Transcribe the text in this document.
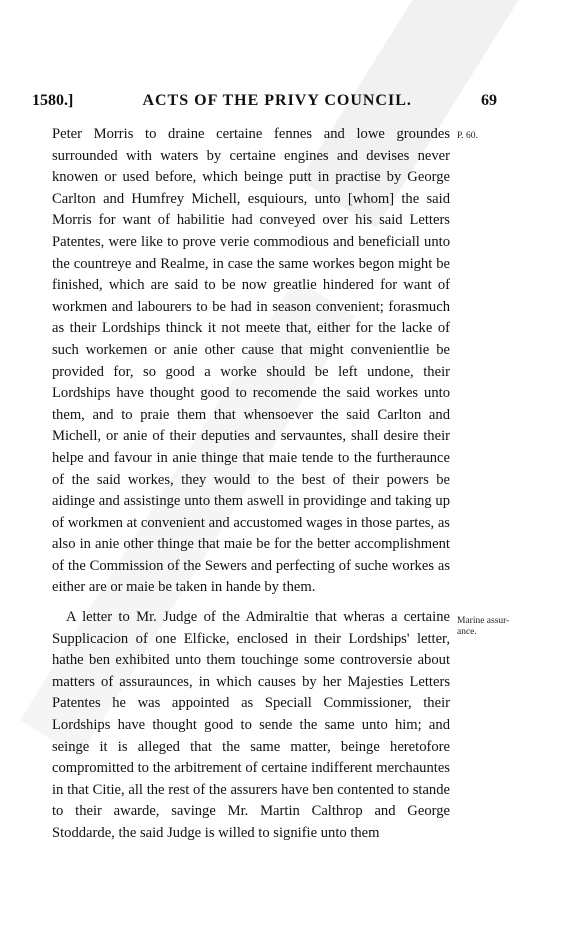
1580.]	ACTS OF THE PRIVY COUNCIL.	69

Peter Morris to draine certaine fennes and lowe groundes surrounded with waters by certaine engines and devises never knowen or used before, which beinge putt in practise by George Carlton and Humfrey Michell, esquiours, unto [whom] the said Morris for want of habilitie had conveyed over his said Letters Patentes, were like to prove verie commodious and beneficiall unto the countreye and Realme, in case the same workes begon might be finished, which are said to be now greatlie hindered for want of workmen and labourers to be had in season convenient; forasmuch as their Lordships thinck it not meete that, either for the lacke of such workemen or anie other cause that might convenientlie be provided for, so good a worke should be left undone, their Lordships have thought good to recomende the said workes unto them, and to praie them that whensoever the said Carlton and Michell, or anie of their deputies and servauntes, shall desire their helpe and favour in anie thinge that maie tende to the furtheraunce of the said workes, they would to the best of their powers be aidinge and assistinge unto them aswell in providinge and taking up of workmen at convenient and accustomed wages in those partes, as also in anie other thinge that maie be for the better accomplishment of the Commission of the Sewers and perfecting of suche workes as either are or maie be taken in hande by them.

A letter to Mr. Judge of the Admiraltie that wheras a certaine Supplicacion of one Elficke, enclosed in their Lordships' letter, hathe ben exhibited unto them touchinge some controversie about matters of assuraunces, in which causes by her Majesties Letters Patentes he was appointed as Speciall Commissioner, their Lordships have thought good to sende the same unto him; and seinge it is alleged that the same matter, beinge heretofore compromitted to the arbitrement of certaine indifferent merchauntes in that Citie, all the rest of the assurers have ben contented to stande to their awarde, savinge Mr. Martin Calthrop and George Stoddarde, the said Judge is willed to signifie unto them

P. 60.
Marine assur-ance.
